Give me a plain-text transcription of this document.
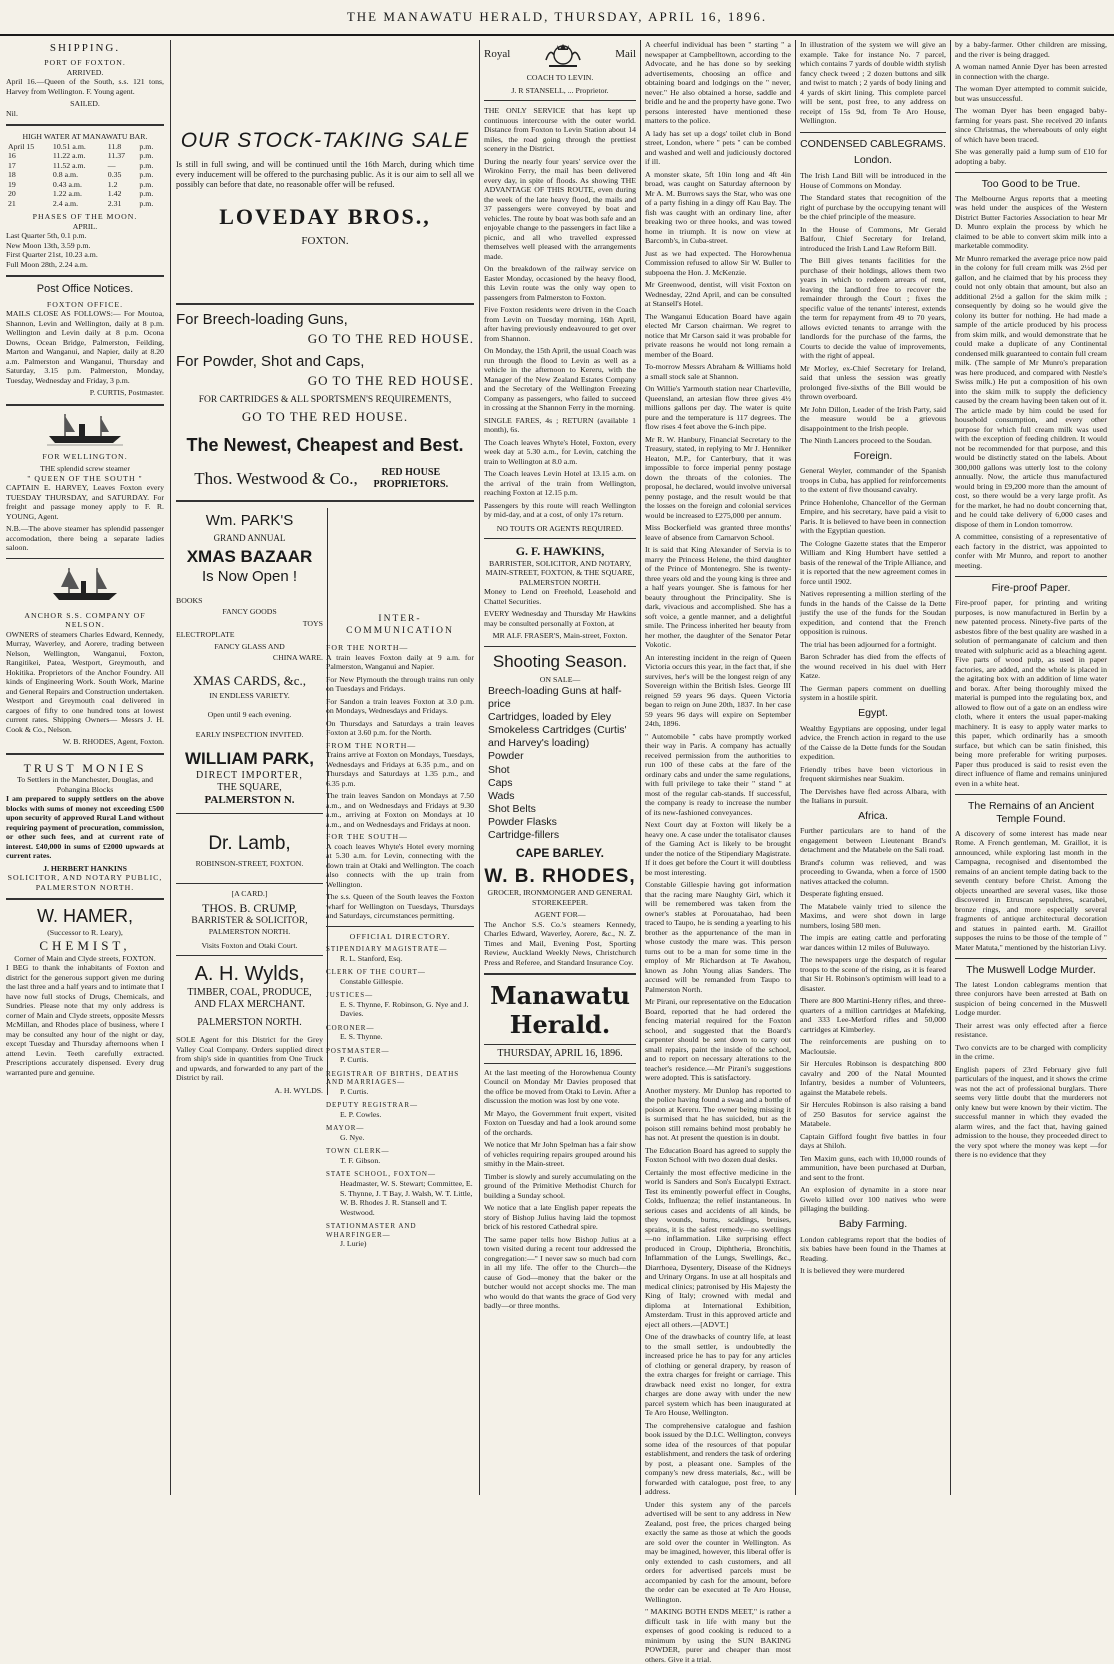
THE MANAWATU HERALD, THURSDAY, APRIL 16, 1896.
SHIPPING.
PORT OF FOXTON.
ARRIVED.

April 16.—Queen of the South, s.s. 121 tons, Harvey from Wellington. F. Young agent.

SAILED.

Nil.

HIGH WATER AT MANAWATU BAR.
April 15	10.51 a.m.	11.8	p.m.
16	11.22 a.m.	11.37	p.m.
17	11.52 a.m.	—	p.m.
18	0.8 a.m.	0.35	p.m.
19	0.43 a.m.	1.2	p.m.
20	1.22 a.m.	1.42	p.m.
21	2.4 a.m.	2.31	p.m.
PHASES OF THE MOON.
APRIL.
Last Quarter 5th, 0.1 p.m.
New Moon 13th, 3.59 p.m.
First Quarter 21st, 10.23 a.m.
Full Moon 28th, 2.24 a.m.
Post Office Notices.
FOXTON OFFICE.

MAILS CLOSE AS FOLLOWS:— For Moutoa, Shannon, Levin and Wellington, daily at 8 p.m. Wellington and Levin daily at 8 p.m. Ocona Downs, Ocean Bridge, Palmerston, Feilding, Marton and Wanganui, and Napier, daily at 8.20 a.m. Palmerston and Wanganui, Thursday and Saturday, 3.15 p.m. Palmerston, Monday, Tuesday, Wednesday and Friday, 3 p.m.

P. CURTIS, Postmaster.
FOR WELLINGTON.
THE splendid screw steamer
" QUEEN OF THE SOUTH "

CAPTAIN E. HARVEY, Leaves Foxton every TUESDAY THURSDAY, and SATURDAY. For freight and passage money apply to F. R. YOUNG, Agent.

N.B.—The above steamer has splendid passenger accomodation, there being a separate ladies saloon.

ANCHOR S.S. COMPANY OF NELSON.

OWNERS of steamers Charles Edward, Kennedy, Murray, Waverley, and Aorere, trading between Nelson, Wellington, Wanganui, Foxton, Rangitikei, Patea, Westport, Greymouth, and Hokitika. Proprietors of the Anchor Foundry. All kinds of Engineering Work. South Work, Marine and General Repairs and Construction undertaken. Westport and Greymouth coal delivered in cargoes of fifty to one hundred tons at lowest current rates. Shipping Owners— Messrs J. H. Cook & Co., Nelson.

W. B. RHODES, Agent, Foxton.
TRUST MONIES
To Settlers in the Manchester, Douglas, and Pohangina Blocks

I am prepared to supply settlers on the above blocks with sums of money not exceeding £500 upon security of approved Rural Land without requiring payment of procuration, commission, or other such fees, and at current rate of interest. £40,000 in sums of £2000 upwards at current rates.

J. HERBERT HANKINS
SOLICITOR, AND NOTARY PUBLIC,
PALMERSTON NORTH.
W. HAMER,
(Successor to R. Leary),
CHEMIST,
Corner of Main and Clyde streets, FOXTON.

I BEG to thank the inhabitants of Foxton and district for the generous support given me during the last three and a half years and to intimate that I have now full stocks of Drugs, Chemicals, and Sundries. Please note that my only address is corner of Main and Clyde streets, opposite Messrs McMillan, and Rhodes place of business, where I may be consulted any hour of the night or day, except Tuesday and Thursday afternoons when I attend Levin. Teeth carefully extracted. Prescriptions accurately dispensed. Every drug warranted pure and genuine.

OUR STOCK-TAKING SALE

Is still in full swing, and will be continued until the 16th March, during which time every inducement will be offered to the purchasing public. As it is our aim to sell all we possibly can before that date, no reasonable offer will be refused.

LOVEDAY BROS.,
FOXTON.
For Breech-loading Guns,
GO TO THE RED HOUSE.
For Powder, Shot and Caps,
GO TO THE RED HOUSE.
FOR CARTRIDGES & ALL SPORTSMEN'S REQUIREMENTS,
GO TO THE RED HOUSE.
The Newest, Cheapest and Best.
Thos. Westwood & Co.,	RED HOUSE PROPRIETORS.
Wm. PARK'S
GRAND ANNUAL
XMAS BAZAAR
Is Now Open !
BOOKS
FANCY GOODS
TOYS
ELECTROPLATE
FANCY GLASS AND
CHINA WARE.
XMAS CARDS, &c.,
IN ENDLESS VARIETY.
Open until 9 each evening.
EARLY INSPECTION INVITED.
WILLIAM PARK,
DIRECT IMPORTER,
THE SQUARE,
PALMERSTON N.
Dr. Lamb,
ROBINSON-STREET, FOXTON.
[A CARD.]
THOS. B. CRUMP,
BARRISTER & SOLICITOR,
PALMERSTON NORTH.
Visits Foxton and Otaki Court.
A. H. Wylds,
TIMBER, COAL, PRODUCE,
AND FLAX MERCHANT.
PALMERSTON NORTH.

SOLE Agent for this District for the Grey Valley Coal Company. Orders supplied direct from ship's side in quantities from One Truck and upwards, and forwarded to any part of the District by rail.

A. H. WYLDS.
INTER-COMMUNICATION
FOR THE NORTH—

A train leaves Foxton daily at 9 a.m. for Palmerston, Wanganui and Napier.

For New Plymouth the through trains run only on Tuesdays and Fridays.

For Sandon a train leaves Foxton at 3.0 p.m. on Mondays, Wednesdays and Fridays.

On Thursdays and Saturdays a train leaves Foxton at 3.60 p.m. for the North.

FROM THE NORTH—

Trains arrive at Foxton on Mondays, Tuesdays, Wednesdays and Fridays at 6.35 p.m., and on Thursdays and Saturdays at 1.35 p.m., and 6.35 p.m.

The train leaves Sandon on Mondays at 7.50 a.m., and on Wednesdays and Fridays at 9.30 a.m., arriving at Foxton on Mondays at 10 a.m., and on Wednesdays and Fridays at noon.

FOR THE SOUTH—

A coach leaves Whyte's Hotel every morning at 5.30 a.m. for Levin, connecting with the down train at Otaki and Wellington. The coach also connects with the up train from Wellington.

The s.s. Queen of the South leaves the Foxton wharf for Wellington on Tuesdays, Thursdays and Saturdays, circumstances permitting.

OFFICIAL DIRECTORY.
STIPENDIARY MAGISTRATE—
R. L. Stanford, Esq.
CLERK OF THE COURT—
Constable Gillespie.
JUSTICES—
E. S. Thynne, F. Robinson, G. Nye and J. Davies.
CORONER—
E. S. Thynne.
POSTMASTER—
P. Curtis.
REGISTRAR OF BIRTHS, DEATHS AND MARRIAGES—
P. Curtis.
DEPUTY REGISTRAR—
E. P. Cowles.
MAYOR—
G. Nye.
TOWN CLERK—
T. F. Gibson.
STATE SCHOOL, FOXTON—
Headmaster, W. S. Stewart; Committee, E. S. Thynne, J. T Bay, J. Walsh, W. T. Little, W. B. Rhodes J. R. Stansell and T. Westwood.
STATIONMASTER AND WHARFINGER—
J. Lurie)
Royal	Mail
COACH TO LEVIN.
J. R STANSELL, ... Proprietor.

THE ONLY SERVICE that has kept up continuous intercourse with the outer world. Distance from Foxton to Levin Station about 14 miles, the road going through the prettiest scenery in the District.

During the nearly four years' service over the Wirokino Ferry, the mail has been delivered every day, in spite of floods. As showing THE ADVANTAGE OF THIS ROUTE, even during the week of the late heavy flood, the mails and 37 passengers were conveyed by boat and vehicles. The route by boat was both safe and an enjoyable change to the passengers in fact like a picnic, and all who travelled expressed themselves well pleased with the arrangements made.

On the breakdown of the railway service on Easter Monday, occasioned by the heavy flood, this Levin route was the only way open to passengers from Palmerston to Foxton.

Five Foxton residents were driven in the Coach from Levin on Tuesday morning, 16th April, after having previously endeavoured to get over from Shannon.

On Monday, the 15th April, the usual Coach was run through the flood to Levin as well as a vehicle in the afternoon to Kereru, with the Manager of the New Zealand Estates Company and the Secretary of the Wellington Freezing Company as passengers, who failed to succeed in crossing at the Shannon Ferry in the morning.

SINGLE FARES, 4s ; RETURN (available 1 month), 6s.

The Coach leaves Whyte's Hotel, Foxton, every week day at 5.30 a.m., for Levin, catching the train to Wellington at 8.0 a.m.

The Coach leaves Levin Hotel at 13.15 a.m. on the arrival of the train from Wellington, reaching Foxton at 12.15 p.m.

Passengers by this route will reach Wellington by mid-day, and at a cost, of only 17s return.

NO TOUTS OR AGENTS REQUIRED.
G. F. HAWKINS,
BARRISTER, SOLICITOR, AND NOTARY,
MAIN-STREET, FOXTON, & THE SQUARE, PALMERSTON NORTH.

Money to Lend on Freehold, Leasehold and Chattel Securities.

EVERY Wednesday and Thursday Mr Hawkins may be consulted personally at Foxton, at

MR ALF. FRASER'S, Main-street, Foxton.
Shooting Season.
ON SALE—
Breech-loading Guns at half-price
Cartridges, loaded by Eley
Smokeless Cartridges (Curtis' and Harvey's loading)
Powder
Shot
Caps
Wads
Shot Belts
Powder Flasks
Cartridge-fillers
CAPE BARLEY.
W. B. RHODES,
GROCER, IRONMONGER AND GENERAL STOREKEEPER.
AGENT FOR—

The Anchor S.S. Co.'s steamers Kennedy, Charles Edward, Waverley, Aorere, &c., N. Z. Times and Mail, Evening Post, Sporting Review, Auckland Weekly News, Christchurch Press and Referee, and Standard Insurance Coy.

Manawatu Herald.
THURSDAY, APRIL 16, 1896.

At the last meeting of the Horowhenua County Council on Monday Mr Davies proposed that the office be moved from Otaki to Levin. After a discussion the motion was lost by one vote.

Mr Mayo, the Government fruit expert, visited Foxton on Tuesday and had a look around some of the orchards.

We notice that Mr John Spelman has a fair show of vehicles requiring repairs grouped around his smithy in the Main-street.

Timber is slowly and surely accumulating on the ground of the Primitive Methodist Church for building a Sunday school.

We notice that a late English paper repeats the story of Bishop Julius having laid the topmost brick of his restored Cathedral spire.

The same paper tells how Bishop Julius at a town visited during a recent tour addressed the congregation:—" I never saw so much bad corn in all my life. The offer to the Church—the cause of God—money that the baker or the butcher would not accept shocks me. The man who would do that wants the grace of God very badly—or three months.

A cheerful individual has been " starting " a newspaper at Campbelltown, according to the Advocate, and he has done so by seeking advertisements, choosing an office and obtaining board and lodgings on the " never, never." He also obtained a horse, saddle and bridle and he and the property have gone. Two persons interested have mentioned these matters to the police.

A lady has set up a dogs' toilet club in Bond street, London, where " pets " can be combed and washed and well and judiciously doctored if ill.

A monster skate, 5ft 10in long and 4ft 4in broad, was caught on Saturday afternoon by Mr A. M. Burrows says the Star, who was one of a party fishing in a dingy off Kau Bay. The fish was caught with an ordinary line, after breaking two or three hooks, and was towed home in triumph. It is now on view at Barcomb's, in Cuba-street.

Just as we had expected. The Horowhenua Commission refused to allow Sir W. Buller to subpoena the Hon. J. McKenzie.

Mr Greenwood, dentist, will visit Foxton on Wednesday, 22nd April, and can be consulted at Stansell's Hotel.

The Wanganui Education Board have again elected Mr Carson chairman. We regret to notice that Mr Carson said it was probable for private reasons he would not long remain a member of the Board.

To-morrow Messrs Abraham & Williams hold a small stock sale at Shannon.

On Willie's Yarmouth station near Charleville, Queensland, an artesian flow three gives 4½ millions gallons per day. The water is quite pure and the temperature is 117 degrees. The flow rises 4 feet above the 6-inch pipe.

Mr R. W. Hanbury, Financial Secretary to the Treasury, stated, in replying to Mr J. Henniker Heaton, M.P., for Canterbury, that it was impossible to force imperial penny postage down the throats of the colonies. The proposal, he declared, would involve universal penny postage, and the result would be that the losses on the foreign and colonial services would be increased to £275,000 per annum.

Miss Bockerfield was granted three months' leave of absence from Carnarvon School.

It is said that King Alexander of Servia is to marry the Princess Helene, the third daughter of the Prince of Montenegro. She is twenty-three years old and the young king is three and a half years younger. She is famous for her beauty throughout the Principality. She is dark, vivacious and accomplished. She has a soft voice, a gentle manner, and a delightful smile. The Princess inherited her beauty from her mother, the daughter of the Senator Petar Vokotic.

An interesting incident in the reign of Queen Victoria occurs this year, in the fact that, if she survives, her's will be the longest reign of any Sovereign within the British Isles. George III reigned 59 years 96 days. Queen Victoria began to reign on June 20th, 1837. In her case 59 years 96 days will expire on September 24th, 1896.

" Automobile " cabs have promptly worked their way in Paris. A company has actually received permission from the authorities to run 100 of these cabs at the fare of the ordinary cabs and under the same regulations, with full privilege to take their " stand " at most of the regular cab-stands. If successful, the company is ready to increase the number of its new-fashioned conveyances.

Next Court day at Foxton will likely be a heavy one. A case under the totalisator clauses of the Gaming Act is likely to be brought under the notice of the Stipendiary Magistrate. If it does get before the Court it will doubtless be most interesting.

Constable Gillespie having got information that the racing mare Naughty Girl, which it will be remembered was taken from the owner's stables at Porouatahao, had been traced to Taupo, he is sending a yearling to his brother as the appurtenance of the man in whose custody the mare was. This person turns out to be a man for some time in the employ of Mr Richardson at Te Awahou, known as John Young alias Sanders. The accused will be remanded from Taupo to Palmerston North.

Mr Pirani, our representative on the Education Board, reported that he had ordered the fencing material required for the Foxton school, and suggested that the Board's carpenter should be sent down to carry out small repairs, paint the inside of the school, and to report on necessary alterations to the teacher's residence.—Mr Pirani's suggestions were adopted. This is satisfactory.

Another mystery. Mr Dunlop has reported to the police having found a swag and a bottle of poison at Kereru. The owner being missing it is surmised that he has suicided, but as the poison still remains behind most probably he has not. At present the question is in doubt.

The Education Board has agreed to supply the Foxton School with two dozen dual desks.

Certainly the most effective medicine in the world is Sanders and Son's Eucalypti Extract. Test its eminently powerful effect in Coughs, Colds, Influenza; the relief instantaneous. In serious cases and accidents of all kinds, be they wounds, burns, scaldings, bruises, sprains, it is the safest remedy—no swellings—no inflammation. Like surprising effect produced in Croup, Diphtheria, Bronchitis, Inflammation of the Lungs, Swellings, &c., Diarrhoea, Dysentery, Disease of the Kidneys and Urinary Organs. In use at all hospitals and medical clinics; patronised by His Majesty the King of Italy; crowned with medal and diploma at International Exhibition, Amsterdam. Trust in this approved article and eject all others.—[ADVT.]

One of the drawbacks of country life, at least to the small settler, is undoubtedly the increased price he has to pay for any articles of clothing or general drapery, by reason of the extra charges for freight or carriage. This drawback need exist no longer, for extra charges are done away with under the new parcel system which has been inaugurated at Te Aro House, Wellington.

The comprehensive catalogue and fashion book issued by the D.I.C. Wellington, conveys some idea of the resources of that popular establishment, and renders the task of ordering by post, a pleasant one. Samples of the company's new dress materials, &c., will be forwarded with catalogue, post free, to any address.

Under this system any of the parcels advertised will be sent to any address in New Zealand, post free, the prices charged being exactly the same as those at which the goods are sold over the counter in Wellington. As may be imagined, however, this liberal offer is only extended to cash customers, and all orders for advertised parcels must be accompanied by cash for the amount, before the order can be executed at Te Aro House, Wellington.

" MAKING BOTH ENDS MEET," is rather a difficult task in life with many but the expenses of good cooking is reduced to a minimum by using the SUN BAKING POWDER, purer and cheaper than most others. Give it a trial.

In illustration of the system we will give an example. Take for instance No. 7 parcel, which contains 7 yards of double width stylish fancy check tweed ; 2 dozen buttons and silk and twist to match ; 2 yards of body lining and 4 yards of skirt lining. This complete parcel will be sent, post free, to any address on receipt of 15s 9d, from Te Aro House, Wellington.

CONDENSED CABLEGRAMS.
London.

The Irish Land Bill will be introduced in the House of Commons on Monday.

The Standard states that recognition of the right of purchase by the occupying tenant will be the chief principle of the measure.

In the House of Commons, Mr Gerald Balfour, Chief Secretary for Ireland, introduced the Irish Land Law Reform Bill.

The Bill gives tenants facilities for the purchase of their holdings, allows them two years in which to redeem arrears of rent, leaving the landlord free to recover the remainder through the Court ; fixes the specific value of the tenants' interest, extends the term for repayment from 49 to 70 years, allows evicted tenants to arrange with the landlords for the purchase of the farms, the Courts to decide the value of improvements, with the right of appeal.

Mr Morley, ex-Chief Secretary for Ireland, said that unless the session was greatly prolonged five-sixths of the Bill would be thrown overboard.

Mr John Dillon, Leader of the Irish Party, said the measure would be a grievous disappointment to the Irish people.

The Ninth Lancers proceed to the Soudan.

Foreign.

General Weyler, commander of the Spanish troops in Cuba, has applied for reinforcements to the extent of five thousand cavalry.

Prince Hohenlohe, Chancellor of the German Empire, and his secretary, have paid a visit to Paris. It is believed to have been in connection with the Egyptian question.

The Cologne Gazette states that the Emperor William and King Humbert have settled a basis of the renewal of the Triple Alliance, and it is reported that the new agreement comes in force until 1902.

Natives representing a million sterling of the funds in the hands of the Caisse de la Dette justify the use of the funds for the Soudan expedition, and contend that the French opposition is ruinous.

The trial has been adjourned for a fortnight.

Baron Schrader has died from the effects of the wound received in his duel with Herr Katze.

The German papers comment on duelling system in a hostile spirit.

Egypt.

Wealthy Egyptians are opposing, under legal advice, the French action in regard to the use of the Caisse de la Dette funds for the Soudan expedition.

Friendly tribes have been victorious in frequent skirmishes near Suakim.

The Dervishes have fled across Albara, with the Italians in pursuit.

Africa.

Further particulars are to hand of the engagement between Lieutenant Brand's detachment and the Matabele on the Sali road.

Brand's column was relieved, and was proceeding to Gwanda, when a force of 1500 natives attacked the column.

Desperate fighting ensued.

The Matabele vainly tried to silence the Maxims, and were shot down in large numbers, losing 580 men.

The impis are eating cattle and perforating war dances within 12 miles of Buluwayo.

The newspapers urge the despatch of regular troops to the scene of the rising, as it is feared that Sir H. Robinson's optimism will lead to a disaster.

There are 800 Martini-Henry rifles, and three-quarters of a million cartridges at Mafeking, and 333 Lee-Metford rifles and 50,000 cartridges at Kimberley.

The reinforcements are pushing on to Macloutsie.

Sir Hercules Robinson is despatching 800 cavalry and 200 of the Natal Mounted Infantry, besides a number of Volunteers, against the Matabele rebels.

Sir Hercules Robinson is also raising a band of 250 Basutos for service against the Matabele.

Captain Gifford fought five battles in four days at Shiloh.

Ten Maxim guns, each with 10,000 rounds of ammunition, have been purchased at Durban, and sent to the front.

An explosion of dynamite in a store near Gwelo killed over 100 natives who were pillaging the building.

Baby Farming.

London cablegrams report that the bodies of six babies have been found in the Thames at Reading.

It is believed they were murdered

by a baby-farmer. Other children are missing, and the river is being dragged.

A woman named Annie Dyer has been arrested in connection with the charge.

The woman Dyer attempted to commit suicide, but was unsuccessful.

The woman Dyer has been engaged baby-farming for years past. She received 20 infants since Christmas, the whereabouts of only eight of which have been traced.

She was generally paid a lump sum of £10 for adopting a baby.

Too Good to be True.

The Melbourne Argus reports that a meeting was held under the auspices of the Western District Butter Factories Association to hear Mr D. Munro explain the process by which he claimed to be able to convert skim milk into a marketable commodity.

Mr Munro remarked the average price now paid in the colony for full cream milk was 2½d per gallon, and he claimed that by his process they could not only obtain that amount, but also an additional 2½d a gallon for the skim milk ; consequently by doing so he would give the colony its butter for nothing. He had made a sample of the article produced by his process from skim milk, and would demonstrate that he could make a duplicate of any Continental condensed milk guaranteed to contain full cream milk. (The sample of Mr Munro's preparation was here produced, and compared with Nestle's Swiss milk.) He put a composition of his own into the skim milk to supply the deficiency caused by the cream having been taken out of it. The article made by him could be used for household consumption, and every other purpose for which full cream milk was used with the exception of feeding children. It would not be recommended for that purpose, and this would be distinctly stated on the labels. About 300,000 gallons was utterly lost to the colony annually. Now, the article thus manufactured would bring in £9,200 more than the amount of cost, so there would be a very large profit. As for the market, he had no doubt concerning that, and he could take delivery of 6,000 cases and dispose of them in London tomorrow.

A committee, consisting of a representative of each factory in the district, was appointed to confer with Mr Munro, and report to another meeting.

Fire-proof Paper.

Fire-proof paper, for printing and writing purposes, is now manufactured in Berlin by a new patented process. Ninety-five parts of the asbestos fibre of the best quality are washed in a solution of permanganate of calcium and then treated with sulphuric acid as a bleaching agent. Five parts of wood pulp, as used in paper factories, are added, and the whole is placed in the agitating box with an addition of lime water and borax. After being thoroughly mixed the material is pumped into the regulating box, and allowed to flow out of a gate on an endless wire cloth, where it enters the usual paper-making machinery. It is easy to apply water marks to this paper, which ordinarily has a smooth surface, but which can be satin finished, this being more preferable for writing purposes. Paper thus produced is said to resist even the direct influence of flame and remains uninjured even in a white heat.

The Remains of an Ancient Temple Found.

A discovery of some interest has made near Rome. A French gentleman, M. Graillot, it is announced, while exploring last month in the Campagna, recognised and disentombed the remains of an ancient temple dating back to the seventh century before Christ. Among the objects unearthed are several vases, like those discovered in Etruscan sepulchres, scarabei, bronze rings, and more especially several fragments of antique architectural decoration and statues in painted earth. M. Graillot supposes the ruins to be those of the temple of " Mater Matuta," mentioned by the historian Livy.

The Muswell Lodge Murder.

The latest London cablegrams mention that three conjurors have been arrested at Bath on suspicion of being concerned in the Muswell Lodge murder.

Their arrest was only effected after a fierce resistance.

Two convicts are to be charged with complicity in the crime.

English papers of 23rd February give full particulars of the inquest, and it shows the crime was not the act of professional burglars. There seems very little doubt that the murderers not only knew but were known by their victim. The successful manner in which they evaded the alarm wires, and the fact that, having gained admission to the house, they proceeded direct to the very spot where the money was kept —for there is no evidence that they
